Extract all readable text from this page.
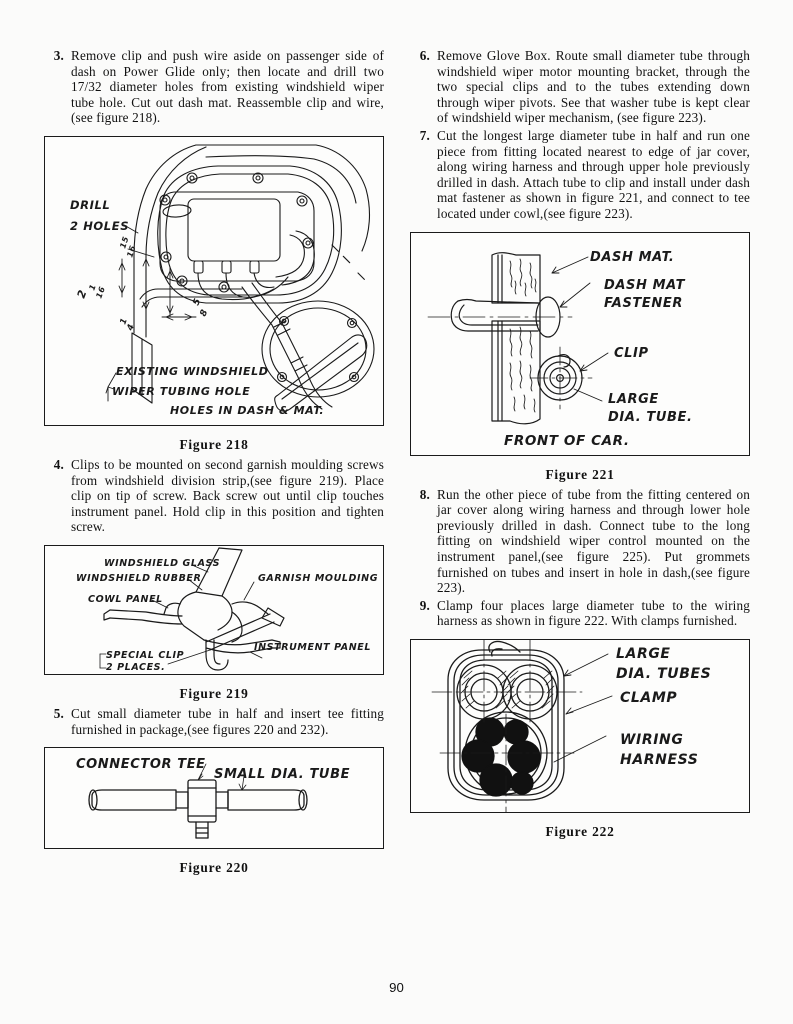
3. Remove clip and push wire aside on passenger side of dash on Power Glide only; then locate and drill two 17/32 diameter holes from existing windshield wiper tube hole. Cut out dash mat. Reassemble clip and wire,(see figure 218).
DRILL
2 HOLES
15
16
2
1
16
1
4
5
8
EXISTING WINDSHIELD
WIPER TUBING HOLE
HOLES IN DASH & MAT.
Figure 218
4. Clips to be mounted on second garnish moulding screws from windshield division strip,(see figure 219). Place clip on tip of screw. Back screw out until clip touches instrument panel. Hold clip in this position and tighten screw.
WINDSHIELD GLASS
WINDSHIELD RUBBER
COWL PANEL
GARNISH MOULDING
INSTRUMENT PANEL
SPECIAL CLIP
2 PLACES.
Figure 219
5. Cut small diameter tube in half and insert tee fitting furnished in package,(see figures 220 and 232).
CONNECTOR TEE
SMALL DIA. TUBE
Figure 220
6. Remove Glove Box. Route small diameter tube through windshield wiper motor mounting bracket, through the two special clips and to the tubes extending down through wiper pivots. See that washer tube is kept clear of windshield wiper mechanism, (see figure 223).
7. Cut the longest large diameter tube in half and run one piece from fitting located nearest to edge of jar cover, along wiring harness and through upper hole previously drilled in dash. Attach tube to clip and install under dash mat fastener as shown in figure 221, and connect to tee located under cowl,(see figure 223).
DASH MAT.
DASH MAT
FASTENER
CLIP
LARGE
DIA. TUBE.
FRONT OF CAR.
Figure 221
8. Run the other piece of tube from the fitting centered on jar cover along wiring harness and through lower hole previously drilled in dash. Connect tube to the long fitting on windshield wiper control mounted on the instrument panel,(see figure 225). Put grommets furnished on tubes and insert in hole in dash,(see figure 223).
9. Clamp four places large diameter tube to the wiring harness as shown in figure 222. With clamps furnished.
LARGE
DIA. TUBES
CLAMP
WIRING
HARNESS
Figure 222
90
